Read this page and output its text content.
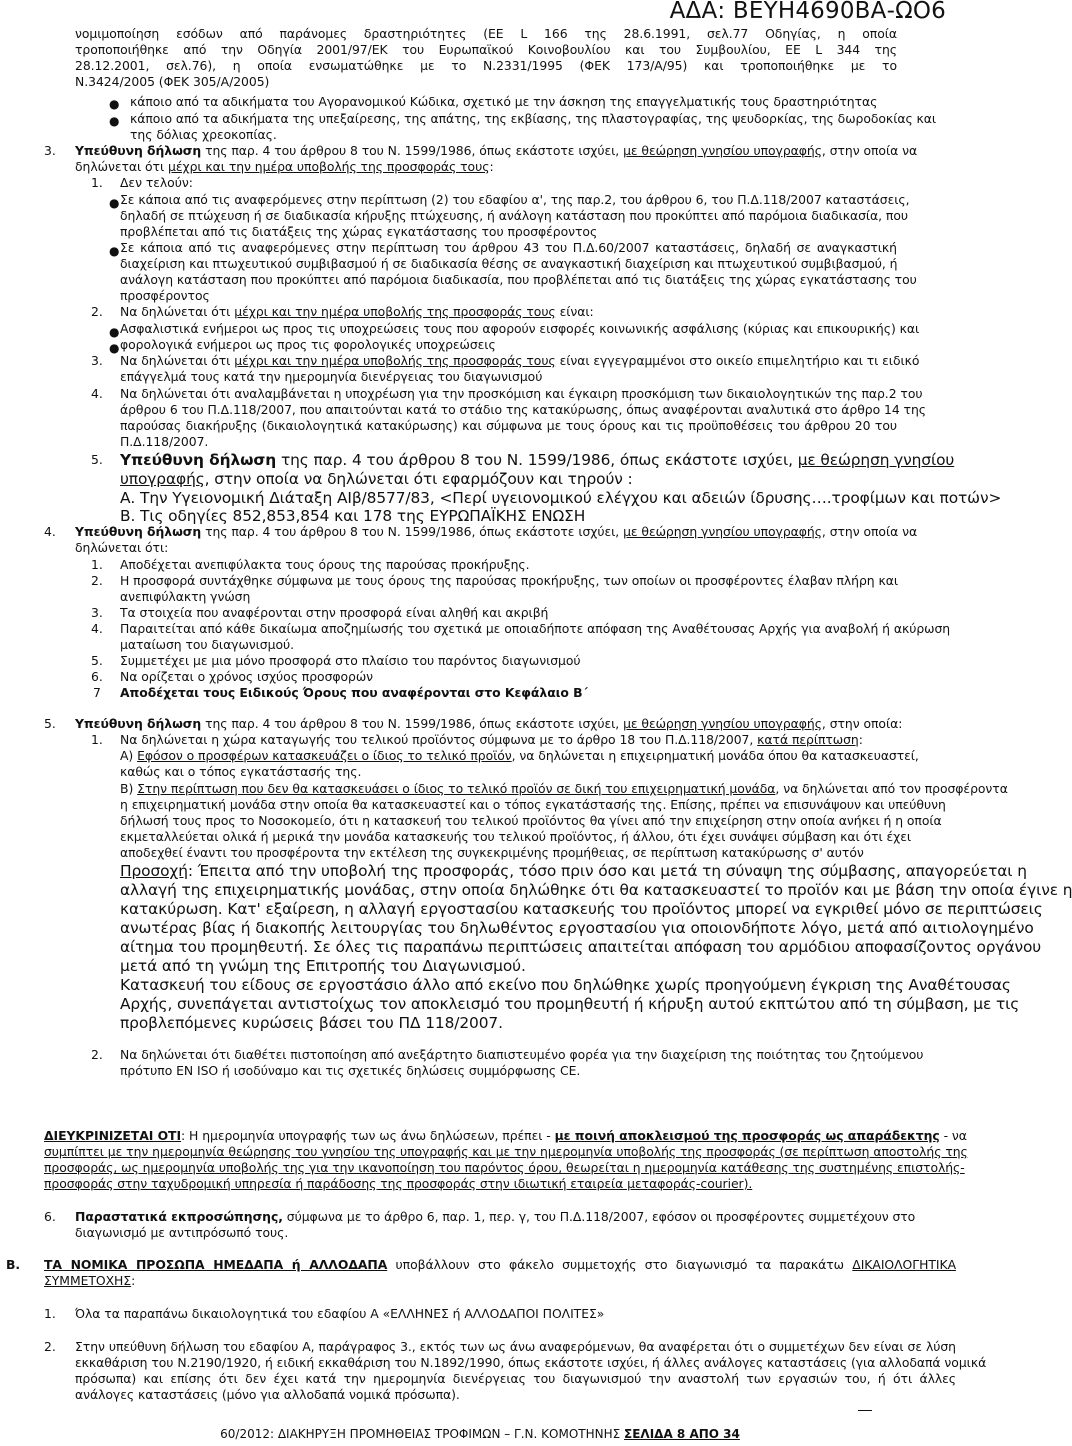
ΑΔΑ: ΒΕΥΗ4690ΒΑ-ΩΟ6
νομιμοποίηση εσόδων από παράνομες δραστηριότητες (ΕΕ L 166 της 28.6.1991, σελ.77 Οδηγίας, η οποία
τροποποιήθηκε από την Οδηγία 2001/97/ΕΚ του Ευρωπαϊκού Κοινοβουλίου και του Συμβουλίου, ΕΕ L 344 της
28.12.2001, σελ.76), η οποία ενσωματώθηκε με το Ν.2331/1995 (ΦΕΚ 173/Α/95) και τροποποιήθηκε με το
Ν.3424/2005 (ΦΕΚ 305/Α/2005)
● κάποιο από τα αδικήματα του Αγορανομικού Κώδικα, σχετικό με την άσκηση της επαγγελματικής τους δραστηριότητας
● κάποιο από τα αδικήματα της υπεξαίρεσης, της απάτης, της εκβίασης, της πλαστογραφίας, της ψευδορκίας, της δωροδοκίας και
της δόλιας χρεοκοπίας.
3. Υπεύθυνη δήλωση της παρ. 4 του άρθρου 8 του Ν. 1599/1986, όπως εκάστοτε ισχύει, με θεώρηση γνησίου υπογραφής, στην οποία να
δηλώνεται ότι μέχρι και την ημέρα υποβολής της προσφοράς τους:
1. Δεν τελούν:
● Σε κάποια από τις αναφερόμενες στην περίπτωση (2) του εδαφίου α', της παρ.2, του άρθρου 6, του Π.Δ.118/2007 καταστάσεις,
δηλαδή σε πτώχευση ή σε διαδικασία κήρυξης πτώχευσης, ή ανάλογη κατάσταση που προκύπτει από παρόμοια διαδικασία, που
προβλέπεται από τις διατάξεις της χώρας εγκατάστασης του προσφέροντος
● Σε κάποια από τις αναφερόμενες στην περίπτωση του άρθρου 43 του Π.Δ.60/2007 καταστάσεις, δηλαδή σε αναγκαστική
διαχείριση και πτωχευτικού συμβιβασμού ή σε διαδικασία θέσης σε αναγκαστική διαχείριση και πτωχευτικού συμβιβασμού, ή
ανάλογη κατάσταση που προκύπτει από παρόμοια διαδικασία, που προβλέπεται από τις διατάξεις της χώρας εγκατάστασης του
προσφέροντος
2. Να δηλώνεται ότι μέχρι και την ημέρα υποβολής της προσφοράς τους είναι:
● Ασφαλιστικά ενήμεροι ως προς τις υποχρεώσεις τους που αφορούν εισφορές κοινωνικής ασφάλισης (κύριας και επικουρικής) και
● φορολογικά ενήμεροι ως προς τις φορολογικές υποχρεώσεις
3. Να δηλώνεται ότι μέχρι και την ημέρα υποβολής της προσφοράς τους είναι εγγεγραμμένοι στο οικείο επιμελητήριο και τι ειδικό
επάγγελμά τους κατά την ημερομηνία διενέργειας του διαγωνισμού
4. Να δηλώνεται ότι αναλαμβάνεται η υποχρέωση για την προσκόμιση και έγκαιρη προσκόμιση των δικαιολογητικών της παρ.2 του
άρθρου 6 του Π.Δ.118/2007, που απαιτούνται κατά το στάδιο της κατακύρωσης, όπως αναφέρονται αναλυτικά στο άρθρο 14 της
παρούσας διακήρυξης (δικαιολογητικά κατακύρωσης) και σύμφωνα με τους όρους και τις προϋποθέσεις του άρθρου 20 του
Π.Δ.118/2007.
5. Υπεύθυνη δήλωση της παρ. 4 του άρθρου 8 του Ν. 1599/1986, όπως εκάστοτε ισχύει, με θεώρηση γνησίου
υπογραφής, στην οποία να δηλώνεται ότι εφαρμόζουν και τηρούν :
Α. Την Υγειονομική Διάταξη ΑΙβ/8577/83, <Περί υγειονομικού ελέγχου και αδειών ίδρυσης….τροφίμων και ποτών>
Β. Τις οδηγίες 852,853,854 και 178 της ΕΥΡΩΠΑΪΚΗΣ ΕΝΩΣΗ
4. Υπεύθυνη δήλωση της παρ. 4 του άρθρου 8 του Ν. 1599/1986, όπως εκάστοτε ισχύει, με θεώρηση γνησίου υπογραφής, στην οποία να
δηλώνεται ότι:
1. Αποδέχεται ανεπιφύλακτα τους όρους της παρούσας προκήρυξης.
2. Η προσφορά συντάχθηκε σύμφωνα με τους όρους της παρούσας προκήρυξης, των οποίων οι προσφέροντες έλαβαν πλήρη και
ανεπιφύλακτη γνώση
3. Τα στοιχεία που αναφέρονται στην προσφορά είναι αληθή και ακριβή
4. Παραιτείται από κάθε δικαίωμα αποζημίωσής του σχετικά με οποιαδήποτε απόφαση της Αναθέτουσας Αρχής για αναβολή ή ακύρωση
ματαίωση του διαγωνισμού.
5. Συμμετέχει με μια μόνο προσφορά στο πλαίσιο του παρόντος διαγωνισμού
6. Να ορίζεται ο χρόνος ισχύος προσφορών
7 Αποδέχεται τους Ειδικούς Όρους που αναφέρονται στο Κεφάλαιο Β΄
5. Υπεύθυνη δήλωση της παρ. 4 του άρθρου 8 του Ν. 1599/1986, όπως εκάστοτε ισχύει, με θεώρηση γνησίου υπογραφής, στην οποία:
1. Να δηλώνεται η χώρα καταγωγής του τελικού προϊόντος σύμφωνα με το άρθρο 18 του Π.Δ.118/2007, κατά περίπτωση:
Α) Εφόσον ο προσφέρων κατασκευάζει ο ίδιος το τελικό προϊόν, να δηλώνεται η επιχειρηματική μονάδα όπου θα κατασκευαστεί,
καθώς και ο τόπος εγκατάστασής της.
Β) Στην περίπτωση που δεν θα κατασκευάσει ο ίδιος το τελικό προϊόν σε δική του επιχειρηματική μονάδα, να δηλώνεται από τον προσφέροντα
η επιχειρηματική μονάδα στην οποία θα κατασκευαστεί και ο τόπος εγκατάστασής της. Επίσης, πρέπει να επισυνάψουν και υπεύθυνη
δήλωσή τους προς το Νοσοκομείο, ότι η κατασκευή του τελικού προϊόντος θα γίνει από την επιχείρηση στην οποία ανήκει ή η οποία
εκμεταλλεύεται ολικά ή μερικά την μονάδα κατασκευής του τελικού προϊόντος, ή άλλου, ότι έχει συνάψει σύμβαση και ότι έχει
αποδεχθεί έναντι του προσφέροντα την εκτέλεση της συγκεκριμένης προμήθειας, σε περίπτωση κατακύρωσης σ' αυτόν
Προσοχή: Έπειτα από την υποβολή της προσφοράς, τόσο πριν όσο και μετά τη σύναψη της σύμβασης, απαγορεύεται η
αλλαγή της επιχειρηματικής μονάδας, στην οποία δηλώθηκε ότι θα κατασκευαστεί το προϊόν και με βάση την οποία έγινε η
κατακύρωση. Κατ' εξαίρεση, η αλλαγή εργοστασίου κατασκευής του προϊόντος μπορεί να εγκριθεί μόνο σε περιπτώσεις
ανωτέρας βίας ή διακοπής λειτουργίας του δηλωθέντος εργοστασίου για οποιονδήποτε λόγο, μετά από αιτιολογημένο
αίτημα του προμηθευτή. Σε όλες τις παραπάνω περιπτώσεις απαιτείται απόφαση του αρμόδιου αποφασίζοντος οργάνου
μετά από τη γνώμη της Επιτροπής του Διαγωνισμού.
Κατασκευή του είδους σε εργοστάσιο άλλο από εκείνο που δηλώθηκε χωρίς προηγούμενη έγκριση της Αναθέτουσας
Αρχής, συνεπάγεται αντιστοίχως τον αποκλεισμό του προμηθευτή ή κήρυξη αυτού εκπτώτου από τη σύμβαση, με τις
προβλεπόμενες κυρώσεις βάσει του ΠΔ 118/2007.
2. Να δηλώνεται ότι διαθέτει πιστοποίηση από ανεξάρτητο διαπιστευμένο φορέα για την διαχείριση της ποιότητας του ζητούμενου
πρότυπο EN ISO ή ισοδύναμο και τις σχετικές δηλώσεις συμμόρφωσης CE.
ΔΙΕΥΚΡΙΝΙΖΕΤΑΙ ΟΤΙ: Η ημερομηνία υπογραφής των ως άνω δηλώσεων, πρέπει - με ποινή αποκλεισμού της προσφοράς ως απαράδεκτης - να
συμπίπτει με την ημερομηνία θεώρησης του γνησίου της υπογραφής και με την ημερομηνία υποβολής της προσφοράς (σε περίπτωση αποστολής της
προσφοράς, ως ημερομηνία υποβολής της για την ικανοποίηση του παρόντος όρου, θεωρείται η ημερομηνία κατάθεσης της συστημένης επιστολής-
προσφοράς στην ταχυδρομική υπηρεσία ή παράδοσης της προσφοράς στην ιδιωτική εταιρεία μεταφοράς-courier).
6. Παραστατικά εκπροσώπησης, σύμφωνα με το άρθρο 6, παρ. 1, περ. γ, του Π.Δ.118/2007, εφόσον οι προσφέροντες συμμετέχουν στο
διαγωνισμό με αντιπρόσωπό τους.
Β. ΤΑ ΝΟΜΙΚΑ ΠΡΟΣΩΠΑ ΗΜΕΔΑΠΑ ή ΑΛΛΟΔΑΠΑ υποβάλλουν στο φάκελο συμμετοχής στο διαγωνισμό τα παρακάτω ΔΙΚΑΙΟΛΟΓΗΤΙΚΑ
ΣΥΜΜΕΤΟΧΗΣ:
1. Όλα τα παραπάνω δικαιολογητικά του εδαφίου Α «ΕΛΛΗΝΕΣ ή ΑΛΛΟΔΑΠΟΙ ΠΟΛΙΤΕΣ»
2. Στην υπεύθυνη δήλωση του εδαφίου Α, παράγραφος 3., εκτός των ως άνω αναφερόμενων, θα αναφέρεται ότι ο συμμετέχων δεν είναι σε λύση
εκκαθάριση του Ν.2190/1920, ή ειδική εκκαθάριση του Ν.1892/1990, όπως εκάστοτε ισχύει, ή άλλες ανάλογες καταστάσεις (για αλλοδαπά νομικά
πρόσωπα) και επίσης ότι δεν έχει κατά την ημερομηνία διενέργειας του διαγωνισμού την αναστολή των εργασιών του, ή ότι άλλες
ανάλογες καταστάσεις (μόνο για αλλοδαπά νομικά πρόσωπα).
60/2012: ΔΙΑΚΗΡΥΞΗ ΠΡΟΜΗΘΕΙΑΣ ΤΡΟΦΙΜΩΝ – Γ.Ν. ΚΟΜΟΤΗΝΗΣ ΣΕΛΙΔΑ 8 ΑΠΟ 34
